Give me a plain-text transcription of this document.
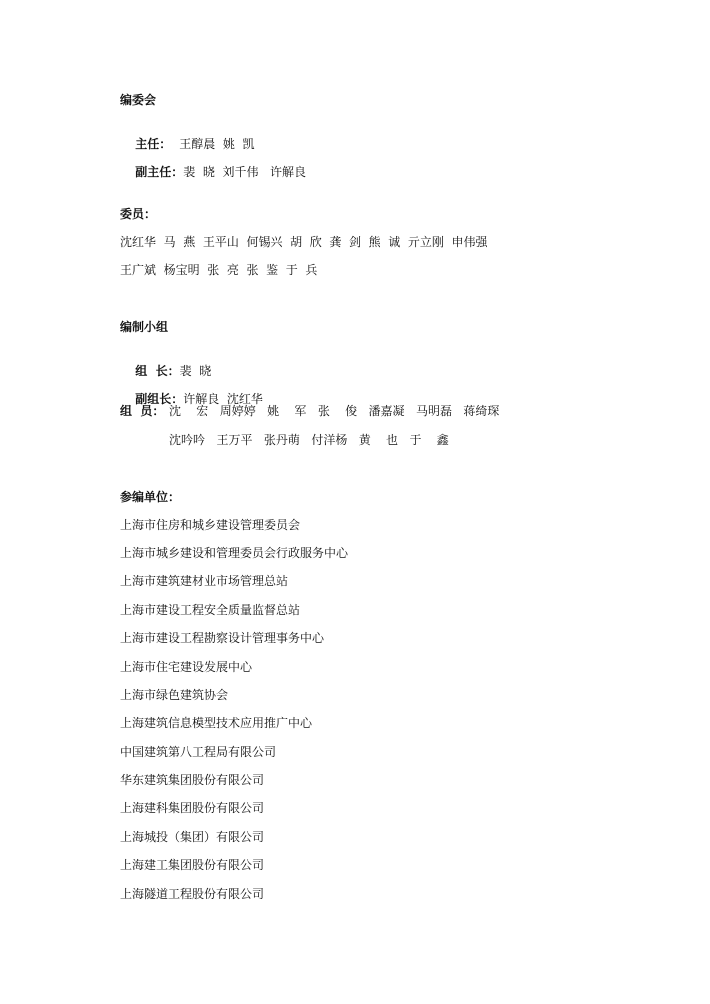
编委会

主任： 王醇晨  姚  凯

副主任：裴  晓  刘千伟   许解良

委员：
沈红华  马  燕  王平山  何锡兴  胡  欣  龚  剑  熊  诚  亓立刚  申伟强
王广斌  杨宝明  张  亮  张  鉴  于  兵
编制小组

组  长：裴  晓

副组长：许解良  沈红华

组  员： 沈    宏   周婷婷   姚    军   张    俊   潘嘉凝   马明磊   蒋绮琛
沈吟吟   王万平   张丹萌   付洋杨   黄    也   于    鑫
参编单位：
上海市住房和城乡建设管理委员会
上海市城乡建设和管理委员会行政服务中心
上海市建筑建材业市场管理总站
上海市建设工程安全质量监督总站
上海市建设工程勘察设计管理事务中心
上海市住宅建设发展中心
上海市绿色建筑协会
上海建筑信息模型技术应用推广中心
中国建筑第八工程局有限公司
华东建筑集团股份有限公司
上海建科集团股份有限公司
上海城投（集团）有限公司
上海建工集团股份有限公司
上海隧道工程股份有限公司
